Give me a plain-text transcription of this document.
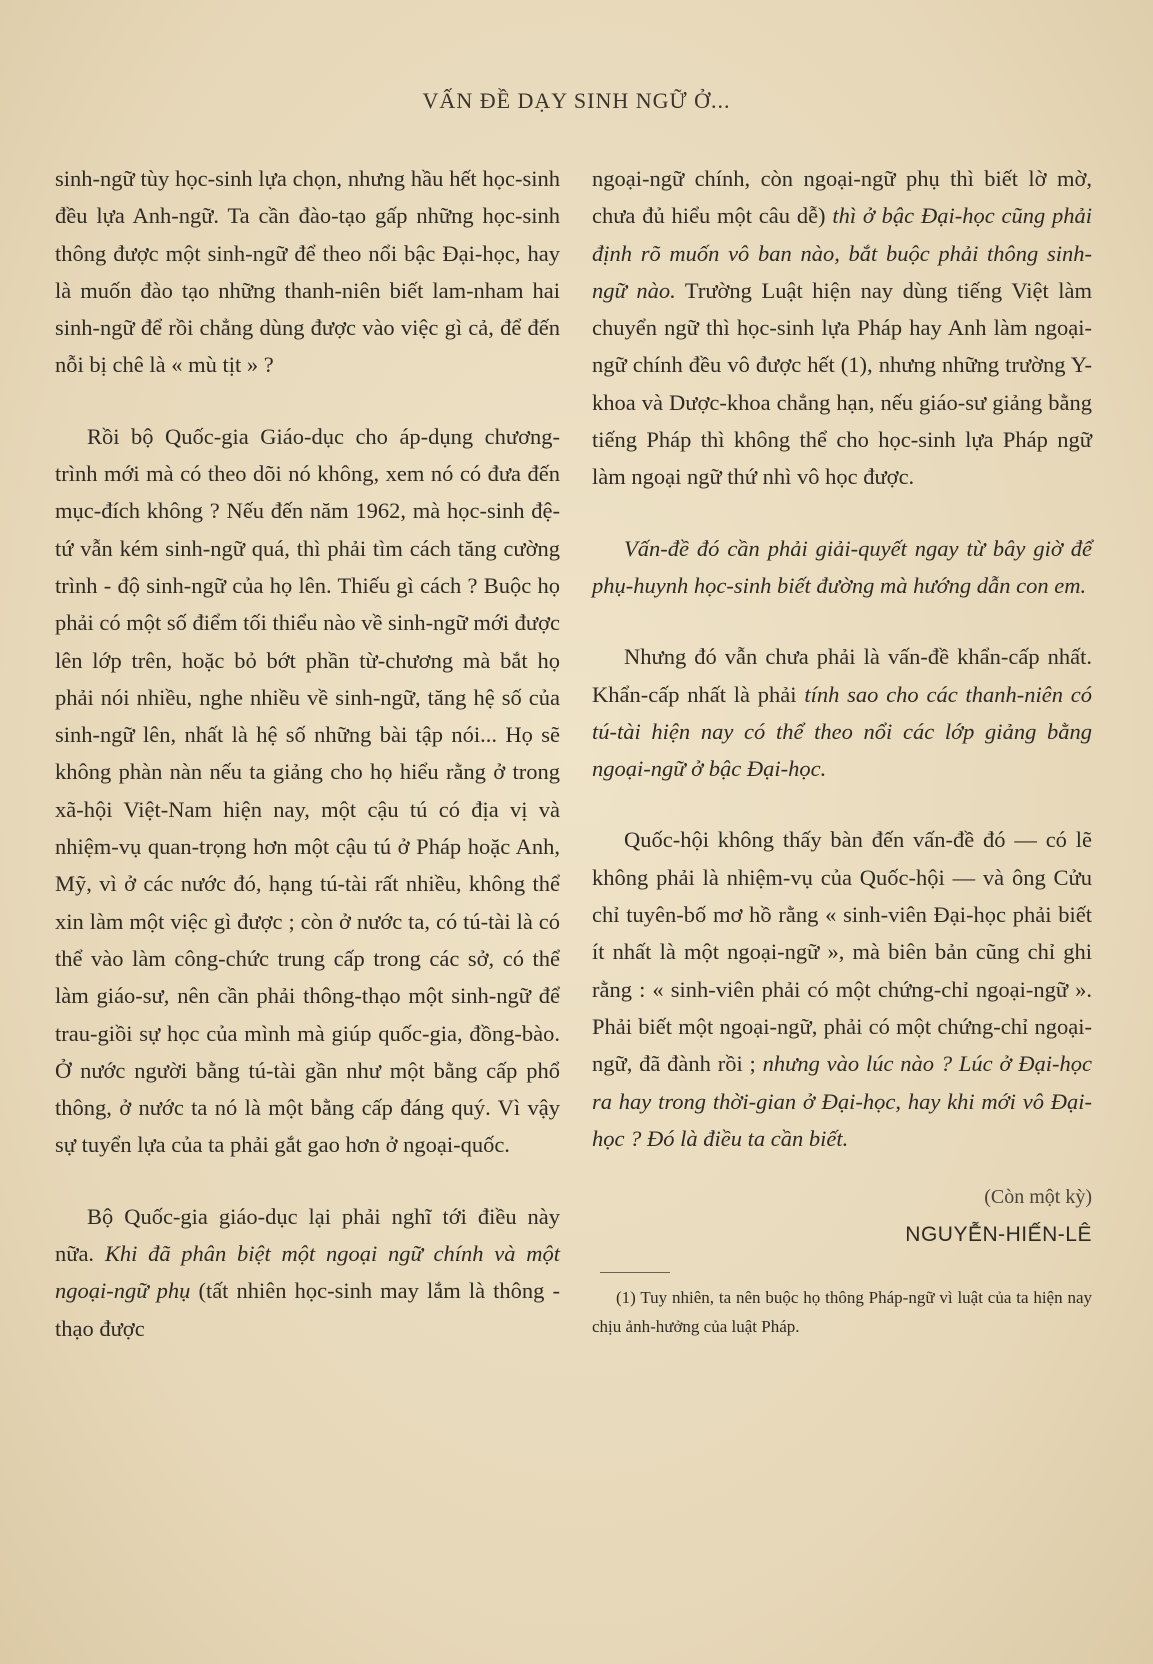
VẤN ĐỀ DẠY SINH NGỮ Ở...

sinh-ngữ tùy học-sinh lựa chọn, nhưng hầu hết học-sinh đều lựa Anh-ngữ. Ta cần đào-tạo gấp những học-sinh thông được một sinh-ngữ để theo nổi bậc Đại-học, hay là muốn đào tạo những thanh-niên biết lam-nham hai sinh-ngữ để rồi chẳng dùng được vào việc gì cả, để đến nỗi bị chê là « mù tịt » ?

Rồi bộ Quốc-gia Giáo-dục cho áp-dụng chương-trình mới mà có theo dõi nó không, xem nó có đưa đến mục-đích không ? Nếu đến năm 1962, mà học-sinh đệ-tứ vẫn kém sinh-ngữ quá, thì phải tìm cách tăng cường trình - độ sinh-ngữ của họ lên. Thiếu gì cách ? Buộc họ phải có một số điểm tối thiểu nào về sinh-ngữ mới được lên lớp trên, hoặc bỏ bớt phần từ-chương mà bắt họ phải nói nhiều, nghe nhiều về sinh-ngữ, tăng hệ số của sinh-ngữ lên, nhất là hệ số những bài tập nói... Họ sẽ không phàn nàn nếu ta giảng cho họ hiểu rằng ở trong xã-hội Việt-Nam hiện nay, một cậu tú có địa vị và nhiệm-vụ quan-trọng hơn một cậu tú ở Pháp hoặc Anh, Mỹ, vì ở các nước đó, hạng tú-tài rất nhiều, không thể xin làm một việc gì được ; còn ở nước ta, có tú-tài là có thể vào làm công-chức trung cấp trong các sở, có thể làm giáo-sư, nên cần phải thông-thạo một sinh-ngữ để trau-giồi sự học của mình mà giúp quốc-gia, đồng-bào. Ở nước người bằng tú-tài gần như một bằng cấp phổ thông, ở nước ta nó là một bằng cấp đáng quý. Vì vậy sự tuyển lựa của ta phải gắt gao hơn ở ngoại-quốc.

Bộ Quốc-gia giáo-dục lại phải nghĩ tới điều này nữa. Khi đã phân biệt một ngoại ngữ chính và một ngoại-ngữ phụ (tất nhiên học-sinh may lắm là thông - thạo được

ngoại-ngữ chính, còn ngoại-ngữ phụ thì biết lờ mờ, chưa đủ hiểu một câu dễ) thì ở bậc Đại-học cũng phải định rõ muốn vô ban nào, bắt buộc phải thông sinh-ngữ nào. Trường Luật hiện nay dùng tiếng Việt làm chuyển ngữ thì học-sinh lựa Pháp hay Anh làm ngoại-ngữ chính đều vô được hết (1), nhưng những trường Y-khoa và Dược-khoa chẳng hạn, nếu giáo-sư giảng bằng tiếng Pháp thì không thể cho học-sinh lựa Pháp ngữ làm ngoại ngữ thứ nhì vô học được.

Vấn-đề đó cần phải giải-quyết ngay từ bây giờ để phụ-huynh học-sinh biết đường mà hướng dẫn con em.

Nhưng đó vẫn chưa phải là vấn-đề khẩn-cấp nhất. Khẩn-cấp nhất là phải tính sao cho các thanh-niên có tú-tài hiện nay có thể theo nổi các lớp giảng bằng ngoại-ngữ ở bậc Đại-học.

Quốc-hội không thấy bàn đến vấn-đề đó — có lẽ không phải là nhiệm-vụ của Quốc-hội — và ông Cửu chỉ tuyên-bố mơ hồ rằng « sinh-viên Đại-học phải biết ít nhất là một ngoại-ngữ », mà biên bản cũng chỉ ghi rằng : « sinh-viên phải có một chứng-chỉ ngoại-ngữ ». Phải biết một ngoại-ngữ, phải có một chứng-chỉ ngoại-ngữ, đã đành rồi ; nhưng vào lúc nào ? Lúc ở Đại-học ra hay trong thời-gian ở Đại-học, hay khi mới vô Đại-học ? Đó là điều ta cần biết.

(Còn một kỳ)

NGUYỄN-HIẾN-LÊ

(1) Tuy nhiên, ta nên buộc họ thông Pháp-ngữ vì luật của ta hiện nay chịu ảnh-hưởng của luật Pháp.
